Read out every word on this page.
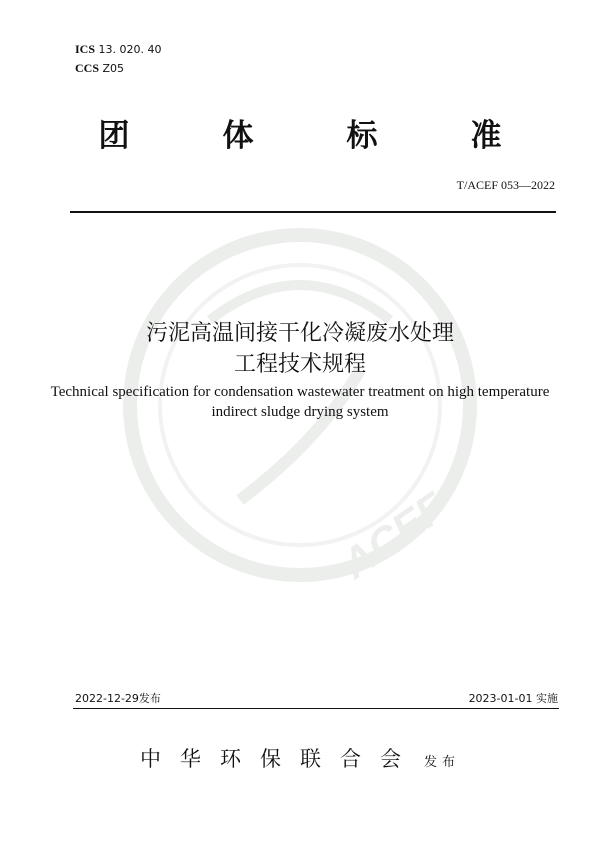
ACEF
ICS 13. 020. 40
CCS Z05
团	体	标	准
T/ACEF 053—2022
污泥高温间接干化冷凝废水处理
工程技术规程
Technical specification for condensation wastewater treatment on high temperature
indirect sludge drying system
2022-12-29发布	2023-01-01 实施
中华环保联合会 发布
